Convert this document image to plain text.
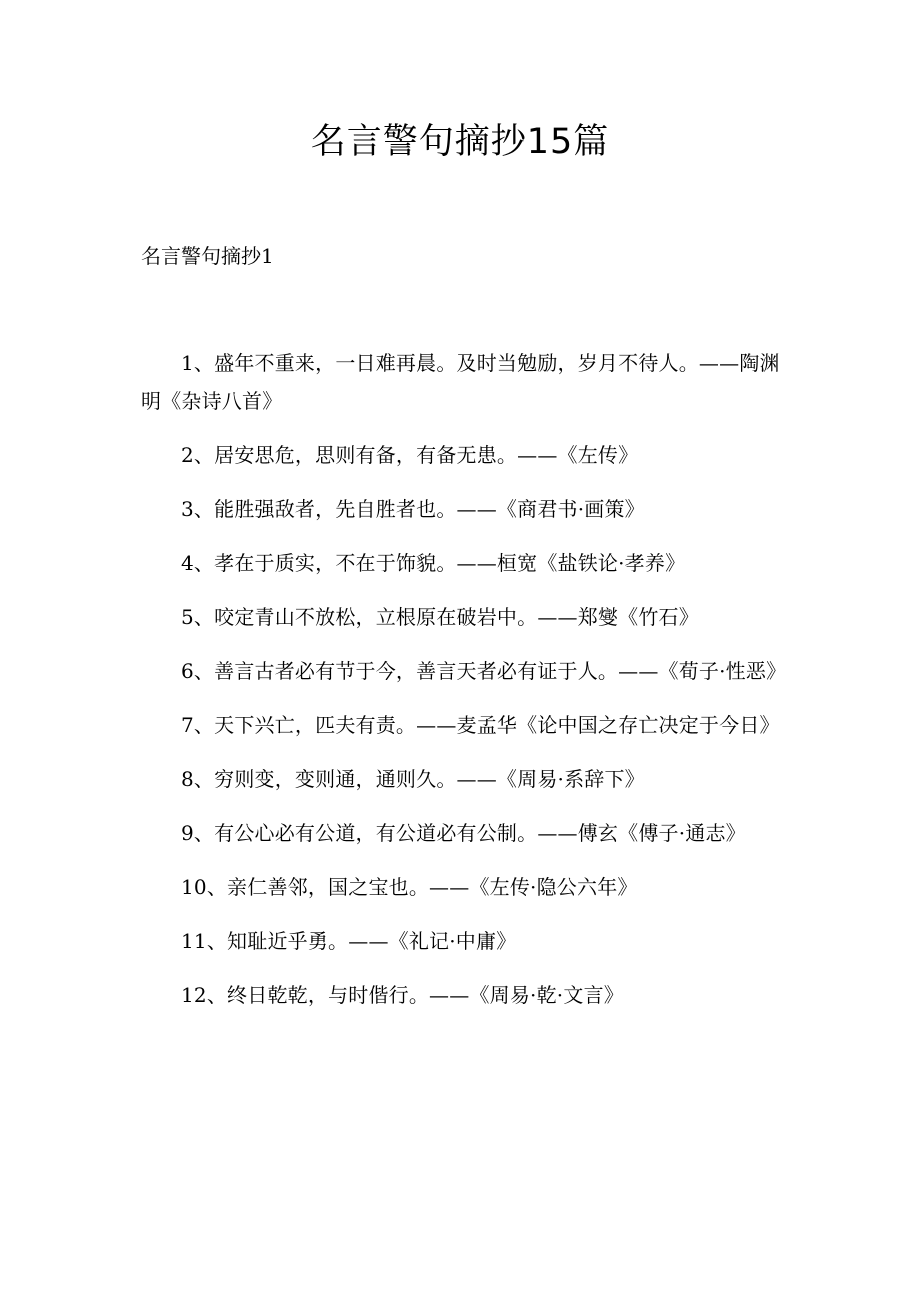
名言警句摘抄15篇
名言警句摘抄1
1、盛年不重来，一日难再晨。及时当勉励，岁月不待人。——陶渊明《杂诗八首》
2、居安思危，思则有备，有备无患。——《左传》
3、能胜强敌者，先自胜者也。——《商君书·画策》
4、孝在于质实，不在于饰貌。——桓宽《盐铁论·孝养》
5、咬定青山不放松，立根原在破岩中。——郑燮《竹石》
6、善言古者必有节于今，善言天者必有证于人。——《荀子·性恶》
7、天下兴亡，匹夫有责。——麦孟华《论中国之存亡决定于今日》
8、穷则变，变则通，通则久。——《周易·系辞下》
9、有公心必有公道，有公道必有公制。——傅玄《傅子·通志》
10、亲仁善邻，国之宝也。——《左传·隐公六年》
11、知耻近乎勇。——《礼记·中庸》
12、终日乾乾，与时偕行。——《周易·乾·文言》
